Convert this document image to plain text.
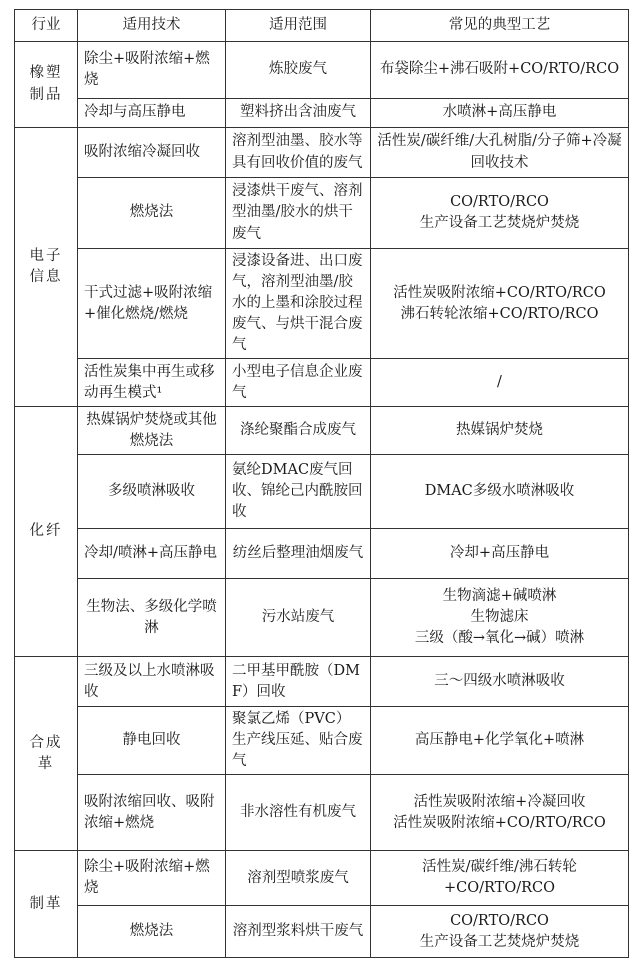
行业	适用技术	适用范围	常见的典型工艺

橡塑
制品	除尘+吸附浓缩+燃烧	炼胶废气	布袋除尘+沸石吸附+CO/RTO/RCO

	冷却与高压静电	塑料挤出含油废气	水喷淋+高压静电

电子
信息	吸附浓缩冷凝回收	溶剂型油墨、胶水等具有回收价值的废气	活性炭/碳纤维/大孔树脂/分子筛+冷凝回收技术

	燃烧法	浸漆烘干废气、溶剂型油墨/胶水的烘干废气	CO/RTO/RCO
生产设备工艺焚烧炉焚烧

	干式过滤+吸附浓缩+催化燃烧/燃烧	浸漆设备进、出口废气，溶剂型油墨/胶水的上墨和涂胶过程废气、与烘干混合废气	活性炭吸附浓缩+CO/RTO/RCO
沸石转轮浓缩+CO/RTO/RCO

	活性炭集中再生或移动再生模式¹	小型电子信息企业废气	/

化纤	热媒锅炉焚烧或其他燃烧法	涤纶聚酯合成废气	热媒锅炉焚烧

	多级喷淋吸收	氨纶DMAC废气回收、锦纶己内酰胺回收	DMAC多级水喷淋吸收

	冷却/喷淋+高压静电	纺丝后整理油烟废气	冷却+高压静电

	生物法、多级化学喷淋	污水站废气	生物滴滤+碱喷淋
生物滤床
三级（酸→氧化→碱）喷淋

合成
革	三级及以上水喷淋吸收	二甲基甲酰胺（DMF）回收	三～四级水喷淋吸收

	静电回收	聚氯乙烯（PVC）生产线压延、贴合废气	高压静电+化学氧化+喷淋

	吸附浓缩回收、吸附浓缩+燃烧	非水溶性有机废气	活性炭吸附浓缩+冷凝回收
活性炭吸附浓缩+CO/RTO/RCO

制革	除尘+吸附浓缩+燃烧	溶剂型喷浆废气	活性炭/碳纤维/沸石转轮
+CO/RTO/RCO

	燃烧法	溶剂型浆料烘干废气	CO/RTO/RCO
生产设备工艺焚烧炉焚烧
